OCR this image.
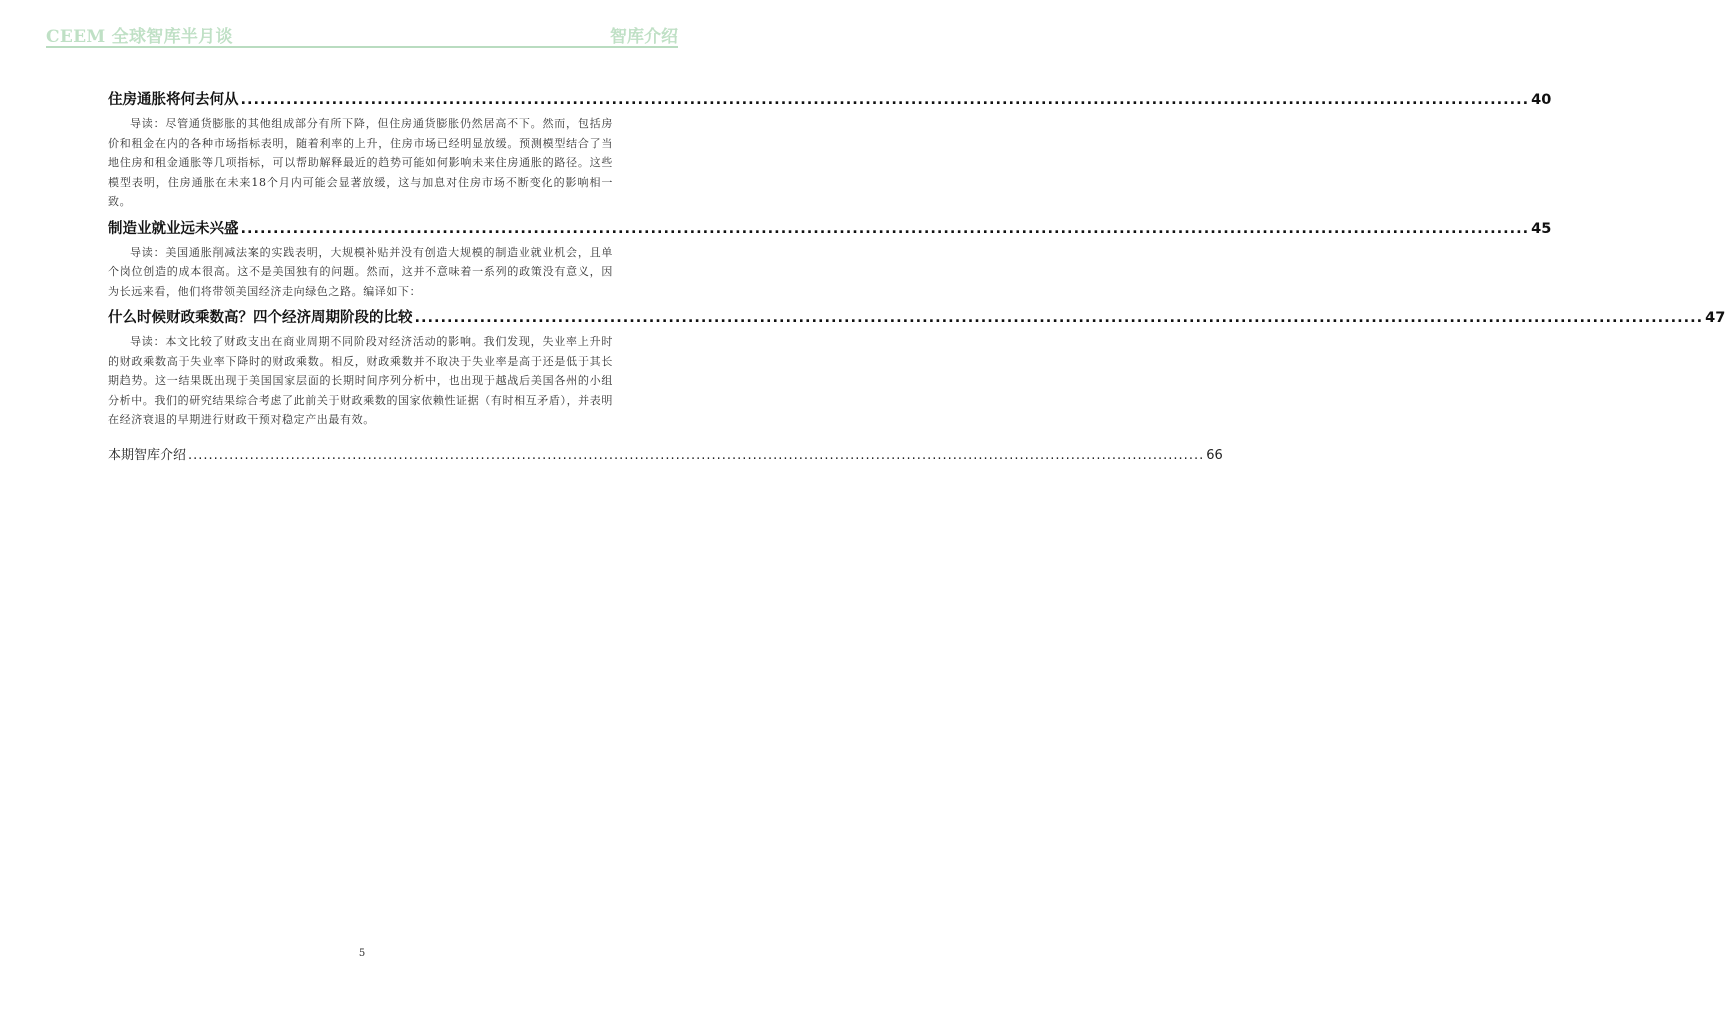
CEEM 全球智库半月谈	智库介绍
住房通胀将何去何从 ...................................................................................................................................................................................................... 40
导读：尽管通货膨胀的其他组成部分有所下降，但住房通货膨胀仍然居高不下。然而，包括房价和租金在内的各种市场指标表明，随着利率的上升，住房市场已经明显放缓。预测模型结合了当地住房和租金通胀等几项指标，可以帮助解释最近的趋势可能如何影响未来住房通胀的路径。这些模型表明，住房通胀在未来18个月内可能会显著放缓，这与加息对住房市场不断变化的影响相一致。
制造业就业远未兴盛 ...................................................................................................................................................................................................... 45
导读：美国通胀削减法案的实践表明，大规模补贴并没有创造大规模的制造业就业机会，且单个岗位创造的成本很高。这不是美国独有的问题。然而，这并不意味着一系列的政策没有意义，因为长远来看，他们将带领美国经济走向绿色之路。编译如下：
什么时候财政乘数高？四个经济周期阶段的比较 ...................................................................................................................................................................................................... 47
导读：本文比较了财政支出在商业周期不同阶段对经济活动的影响。我们发现，失业率上升时的财政乘数高于失业率下降时的财政乘数。相反，财政乘数并不取决于失业率是高于还是低于其长期趋势。这一结果既出现于美国国家层面的长期时间序列分析中，也出现于越战后美国各州的小组分析中。我们的研究结果综合考虑了此前关于财政乘数的国家依赖性证据（有时相互矛盾），并表明在经济衰退的早期进行财政干预对稳定产出最有效。
本期智库介绍 ...................................................................................................................................................................................................... 66
5
